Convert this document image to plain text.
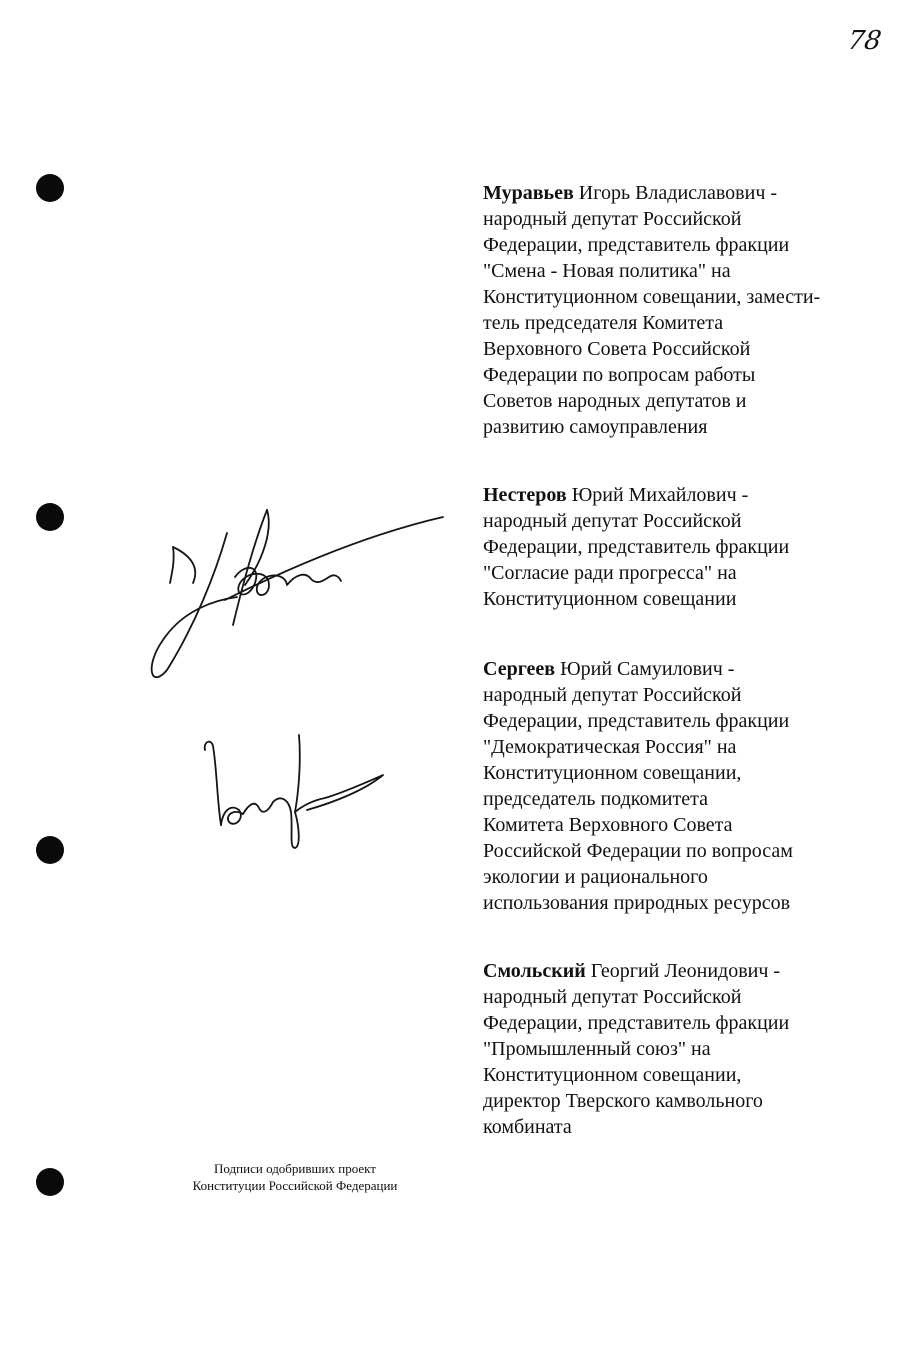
78
Муравьев Игорь Владиславович -
народный депутат Российской
Федерации, представитель фракции
"Смена - Новая политика" на
Конституционном совещании, замести-
тель председателя Комитета
Верховного Совета Российской
Федерации по вопросам работы
Советов народных депутатов и
развитию самоуправления
Нестеров Юрий Михайлович -
народный депутат Российской
Федерации, представитель фракции
"Согласие ради прогресса" на
Конституционном совещании
Сергеев Юрий Самуилович -
народный депутат Российской
Федерации, представитель фракции
"Демократическая Россия" на
Конституционном совещании,
председатель подкомитета
Комитета Верховного Совета
Российской Федерации по вопросам
экологии и рационального
использования природных ресурсов
Смольский Георгий Леонидович -
народный депутат Российской
Федерации, представитель фракции
"Промышленный союз" на
Конституционном совещании,
директор Тверского камвольного
комбината
Подписи одобривших проект
Конституции Российской Федерации
